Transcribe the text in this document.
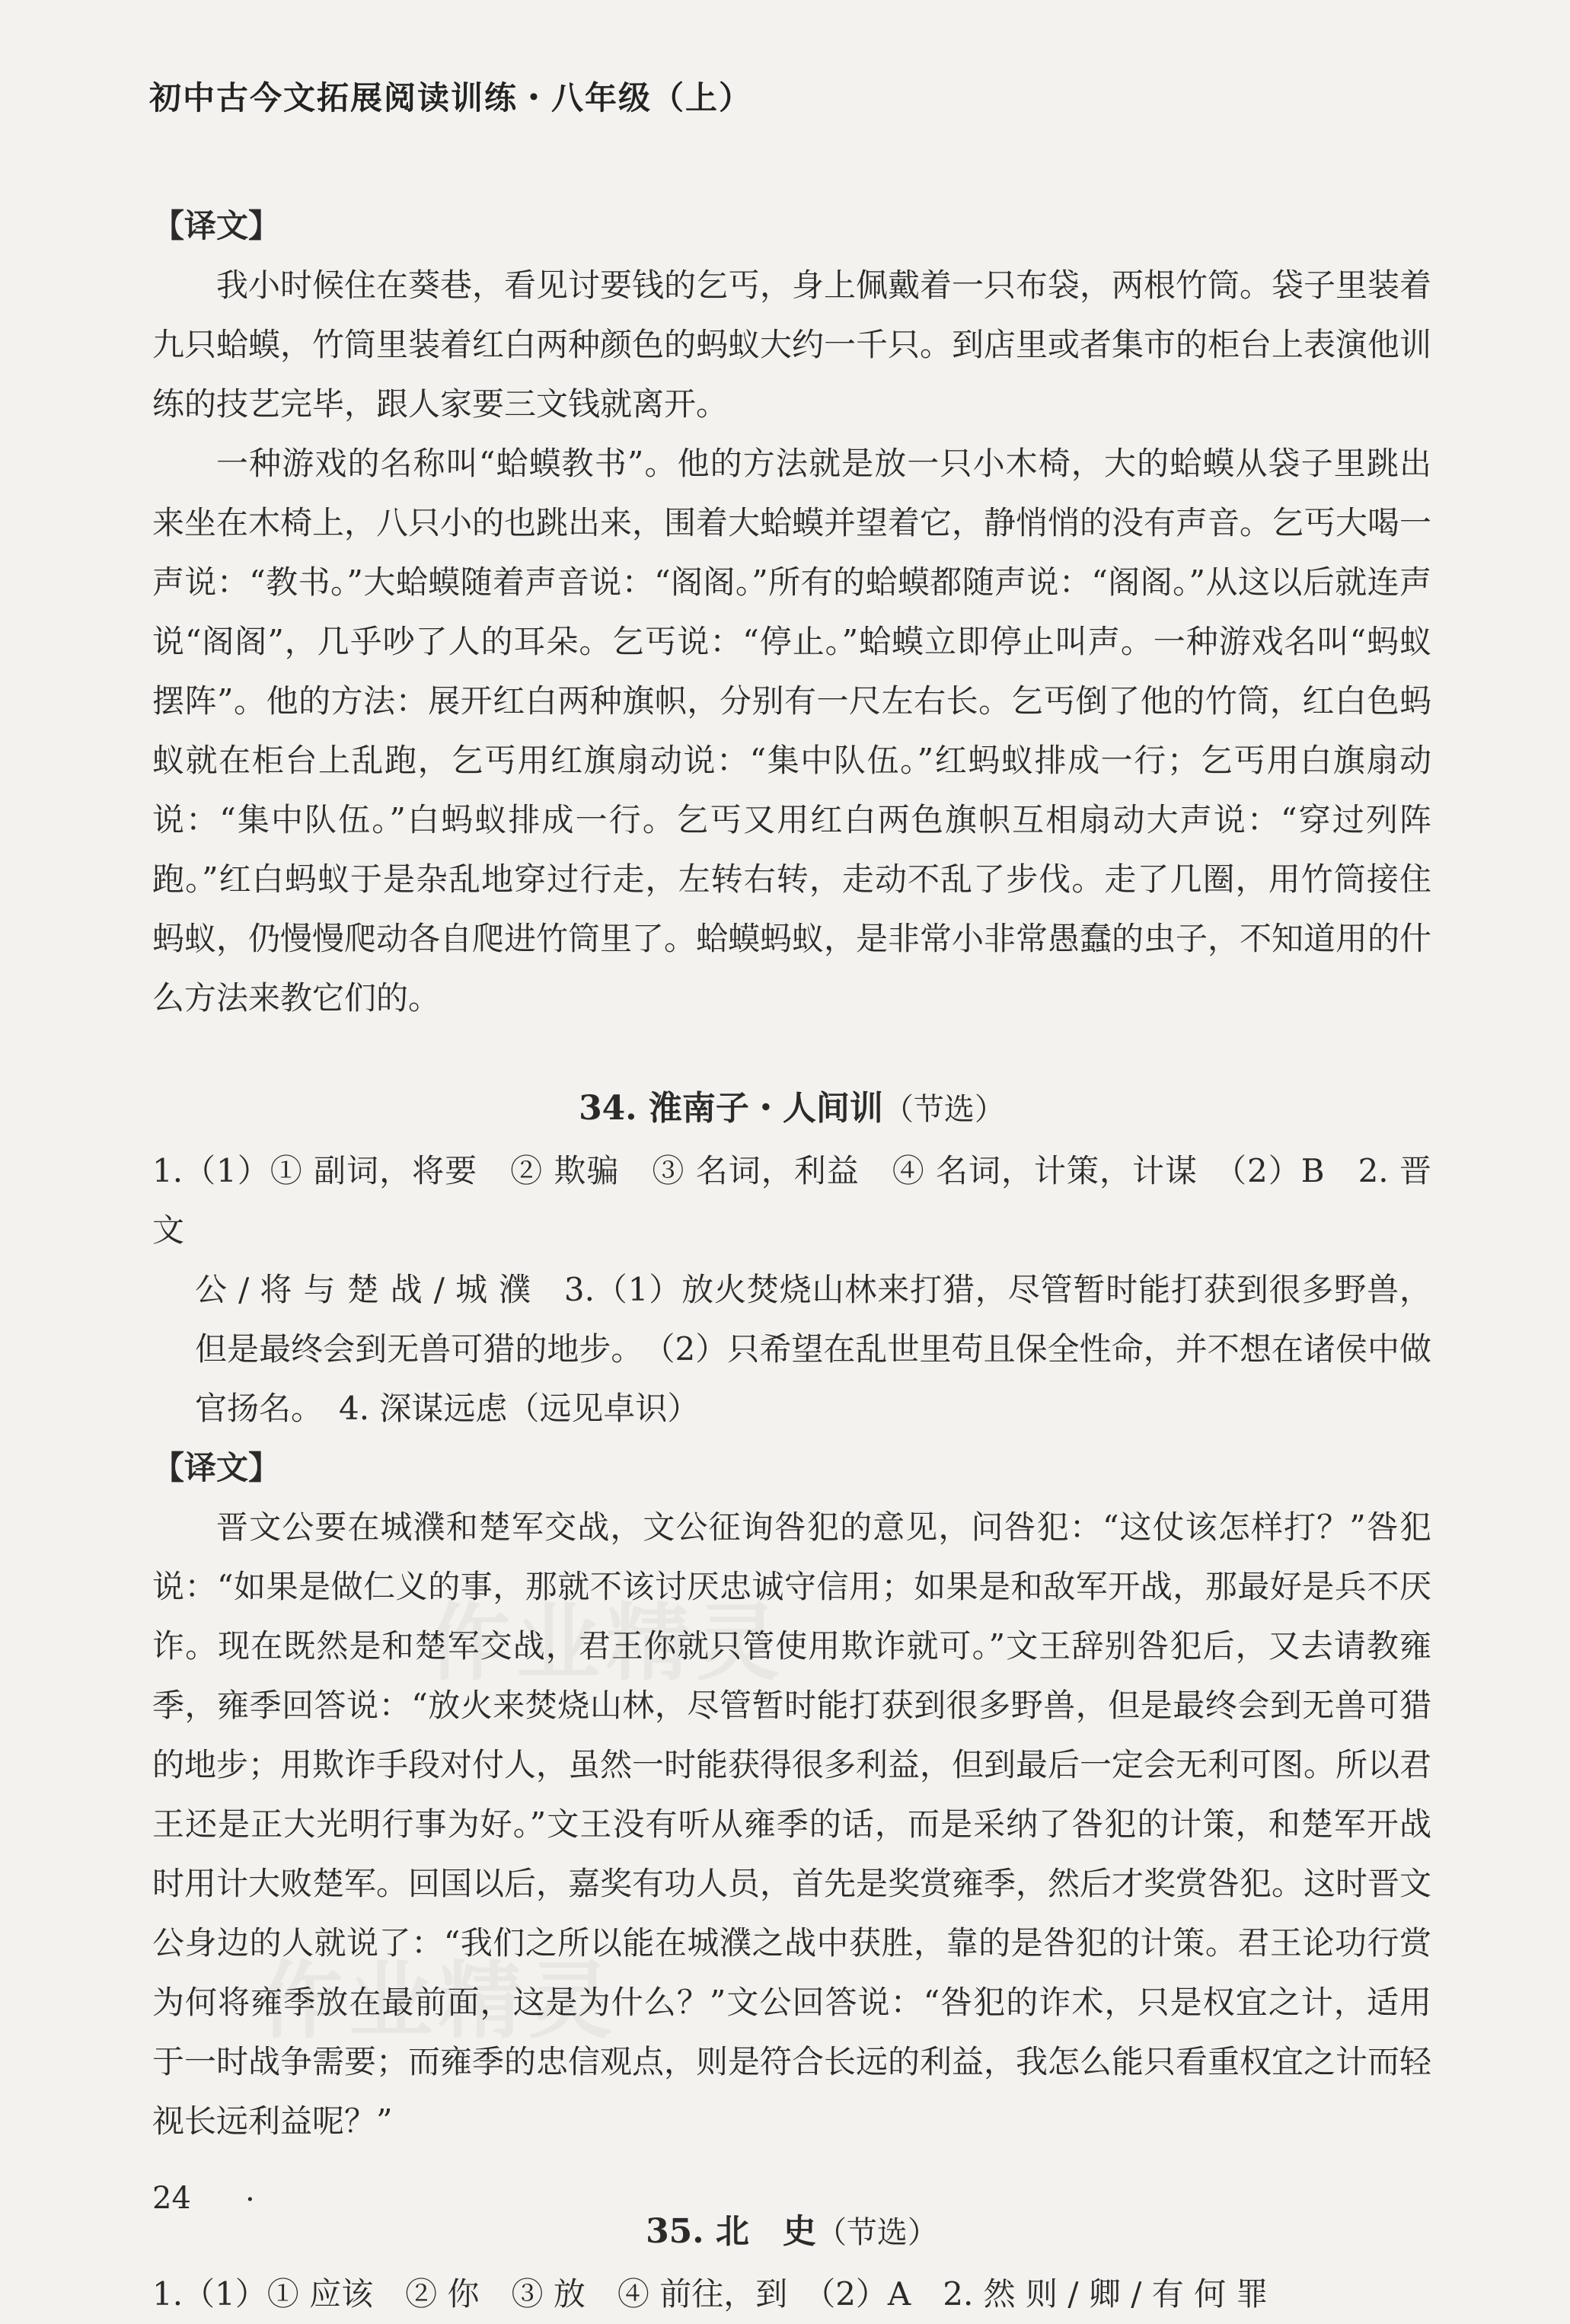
初中古今文拓展阅读训练・八年级（上）

【译文】

我小时候住在葵巷，看见讨要钱的乞丐，身上佩戴着一只布袋，两根竹筒。袋子里装着九只蛤蟆，竹筒里装着红白两种颜色的蚂蚁大约一千只。到店里或者集市的柜台上表演他训练的技艺完毕，跟人家要三文钱就离开。

一种游戏的名称叫“蛤蟆教书”。他的方法就是放一只小木椅，大的蛤蟆从袋子里跳出来坐在木椅上，八只小的也跳出来，围着大蛤蟆并望着它，静悄悄的没有声音。乞丐大喝一声说：“教书。”大蛤蟆随着声音说：“阁阁。”所有的蛤蟆都随声说：“阁阁。”从这以后就连声说“阁阁”，几乎吵了人的耳朵。乞丐说：“停止。”蛤蟆立即停止叫声。一种游戏名叫“蚂蚁摆阵”。他的方法：展开红白两种旗帜，分别有一尺左右长。乞丐倒了他的竹筒，红白色蚂蚁就在柜台上乱跑，乞丐用红旗扇动说：“集中队伍。”红蚂蚁排成一行；乞丐用白旗扇动说：“集中队伍。”白蚂蚁排成一行。乞丐又用红白两色旗帜互相扇动大声说：“穿过列阵跑。”红白蚂蚁于是杂乱地穿过行走，左转右转，走动不乱了步伐。走了几圈，用竹筒接住蚂蚁，仍慢慢爬动各自爬进竹筒里了。蛤蟆蚂蚁，是非常小非常愚蠢的虫子，不知道用的什么方法来教它们的。

34. 淮南子・人间训（节选）

1.（1）① 副词，将要　② 欺骗　③ 名词，利益　④ 名词，计策，计谋　（2）B　2. 晋　文

公 / 将 与 楚 战 / 城 濮　3.（1）放火焚烧山林来打猎，尽管暂时能打获到很多野兽，但是最终会到无兽可猎的地步。　（2）只希望在乱世里苟且保全性命，并不想在诸侯中做官扬名。　4. 深谋远虑（远见卓识）

【译文】

晋文公要在城濮和楚军交战，文公征询咎犯的意见，问咎犯：“这仗该怎样打？”咎犯说：“如果是做仁义的事，那就不该讨厌忠诚守信用；如果是和敌军开战，那最好是兵不厌诈。现在既然是和楚军交战，君王你就只管使用欺诈就可。”文王辞别咎犯后，又去请教雍季，雍季回答说：“放火来焚烧山林，尽管暂时能打获到很多野兽，但是最终会到无兽可猎的地步；用欺诈手段对付人，虽然一时能获得很多利益，但到最后一定会无利可图。所以君王还是正大光明行事为好。”文王没有听从雍季的话，而是采纳了咎犯的计策，和楚军开战时用计大败楚军。回国以后，嘉奖有功人员，首先是奖赏雍季，然后才奖赏咎犯。这时晋文公身边的人就说了：“我们之所以能在城濮之战中获胜，靠的是咎犯的计策。君王论功行赏为何将雍季放在最前面，这是为什么？”文公回答说：“咎犯的诈术，只是权宜之计，适用于一时战争需要；而雍季的忠信观点，则是符合长远的利益，我怎么能只看重权宜之计而轻视长远利益呢？”

35. 北　史（节选）

1.（1）① 应该　② 你　③ 放　④ 前往，到　（2）A　2. 然 则 / 卿 / 有 何 罪

24 .
